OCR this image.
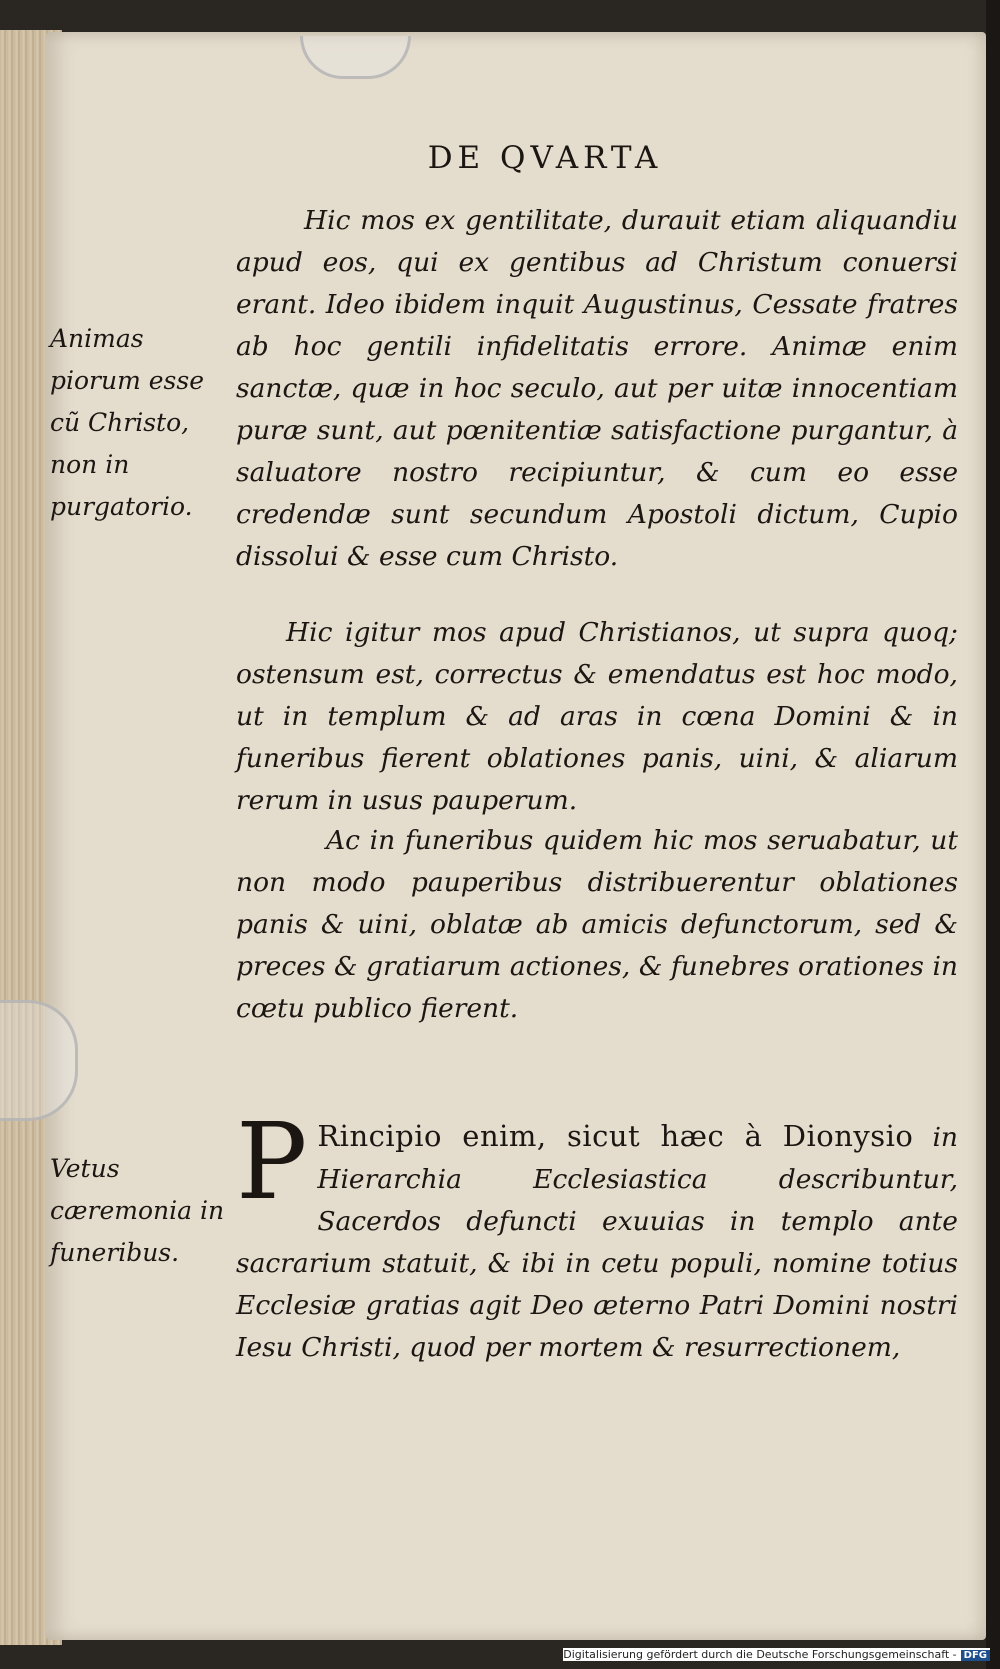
DE QVARTA

Hic mos ex gentilitate, durauit etiam aliquandiu apud eos, qui ex gentibus ad Christum conuersi erant. Ideo ibidem inquit Augustinus, Cessate fratres ab hoc gentili infidelitatis errore. Animæ enim sanctæ, quæ in hoc seculo, aut per uitæ innocentiam puræ sunt, aut pœnitentiæ satisfactione purgantur, à saluatore nostro recipiuntur, & cum eo esse credendæ sunt secundum Apostoli dictum, Cupio dissolui & esse cum Christo.

Hic igitur mos apud Christianos, ut supra quoq; ostensum est, correctus & emendatus est hoc modo, ut in templum & ad aras in cœna Domini & in funeribus fierent oblationes panis, uini, & aliarum rerum in usus pauperum.

Ac in funeribus quidem hic mos seruabatur, ut non modo pauperibus distribuerentur oblationes panis & uini, oblatæ ab amicis defunctorum, sed & preces & gratiarum actiones, & funebres orationes in cœtu publico fierent.

P Rincipio enim, sicut hæc à Dionysio in Hierarchia Ecclesiastica describuntur, Sacerdos defuncti exuuias in templo ante sacrarium statuit, & ibi in cetu populi, nomine totius Ecclesiæ gratias agit Deo æterno Patri Domini nostri Iesu Christi, quod per mortem & resurrectionem,

Animas piorum esse cũ Christo, non in purgatorio.
Vetus cæremonia in funeribus.
Digitalisierung gefördert durch die Deutsche Forschungsgemeinschaft - DFG
